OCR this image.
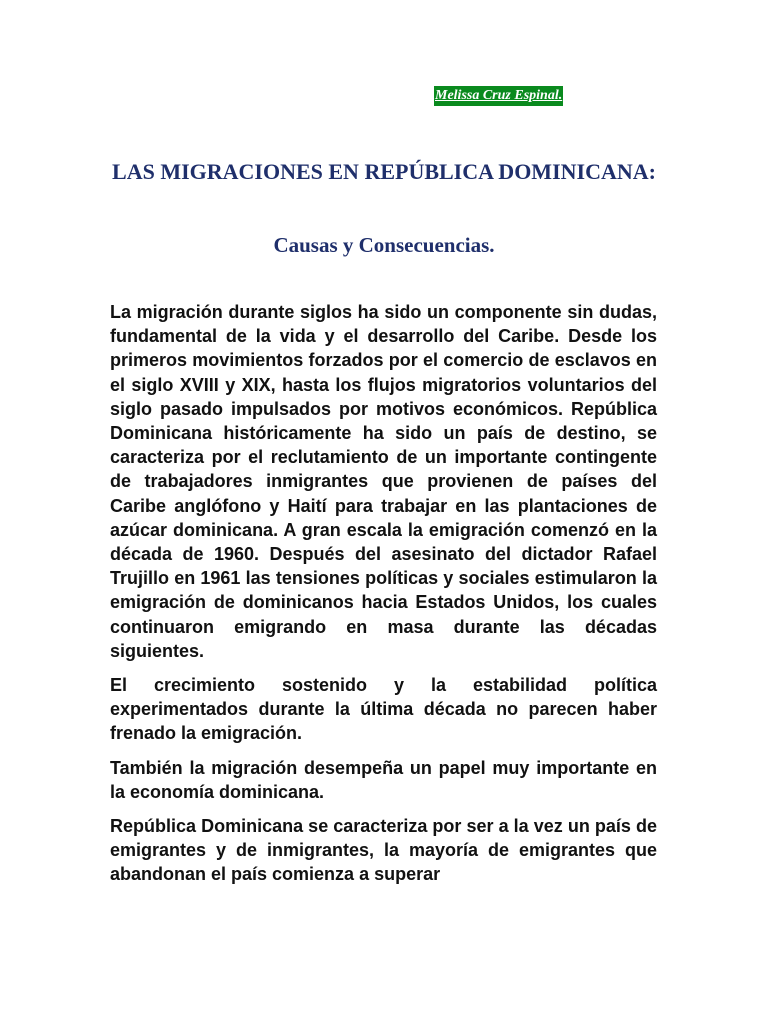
Melissa Cruz Espinal.
LAS MIGRACIONES EN REPÚBLICA DOMINICANA:
Causas y Consecuencias.

La migración durante siglos ha sido un componente sin dudas, fundamental de la vida y el desarrollo del Caribe. Desde los primeros movimientos forzados por el comercio de esclavos en el siglo XVIII y XIX, hasta los flujos migratorios voluntarios del siglo pasado impulsados por motivos económicos. República Dominicana históricamente ha sido un país de destino, se caracteriza por el reclutamiento de un importante contingente de trabajadores inmigrantes que provienen de países del Caribe anglófono y Haití para trabajar en las plantaciones de azúcar dominicana. A gran escala la emigración comenzó en la década de 1960. Después del asesinato del dictador Rafael Trujillo en 1961 las tensiones políticas y sociales estimularon la emigración de dominicanos hacia Estados Unidos, los cuales continuaron emigrando en masa durante las décadas siguientes.

El crecimiento sostenido y la estabilidad política experimentados durante la última década no parecen haber frenado la emigración.

También la migración desempeña un papel muy importante en la economía dominicana.

República Dominicana se caracteriza por ser a la vez un país de emigrantes y de inmigrantes, la mayoría de emigrantes que abandonan el país comienza a superar
